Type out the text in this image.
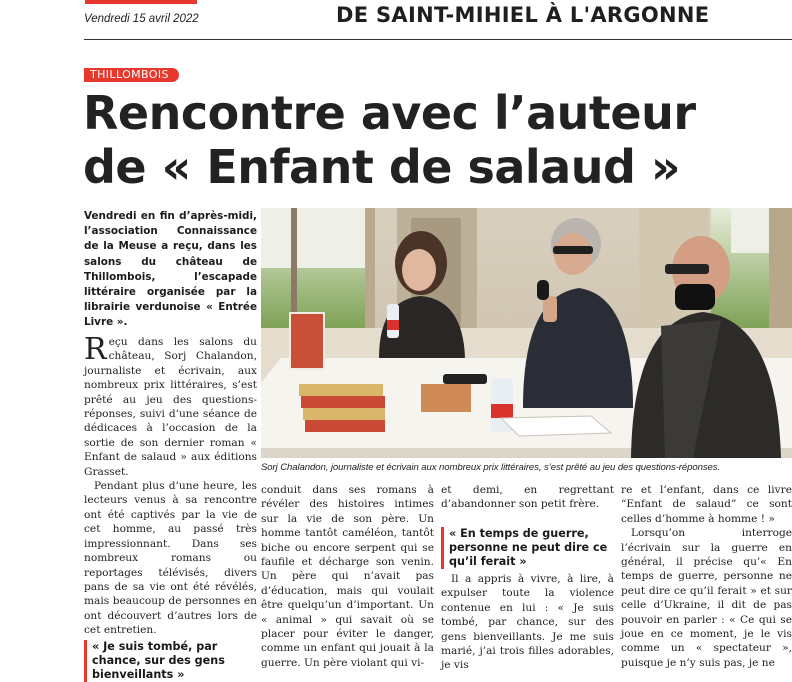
Vendredi 15 avril 2022	DE SAINT-MIHIEL À L'ARGONNE
THILLOMBOIS
Rencontre avec l’auteur
de « Enfant de salaud »
Vendredi en fin d’après-midi, l’association Connaissance de la Meuse a reçu, dans les salons du château de Thillombois, l’escapade littéraire organisée par la librairie verdunoise « Entrée Livre ».

Reçu dans les salons du château, Sorj Chalandon, journaliste et écrivain, aux nombreux prix littéraires, s’est prêté au jeu des questions-réponses, suivi d’une séance de dédicaces à l’occasion de la sortie de son dernier roman « Enfant de salaud » aux éditions Grasset.

Pendant plus d’une heure, les lecteurs venus à sa rencontre ont été captivés par la vie de cet homme, au passé très impressionnant. Dans ses nombreux romans ou reportages télévisés, divers pans de sa vie ont été révélés, mais beaucoup de personnes en ont découvert d’autres lors de cet entretien.

« Je suis tombé, par chance, sur des gens bienveillants »
Sorj Chalandon, journaliste et écrivain aux nombreux prix littéraires, s’est prêté au jeu des questions-réponses.

conduit dans ses romans à révéler des histoires intimes sur la vie de son père. Un homme tantôt caméléon, tantôt biche ou encore serpent qui se faufile et décharge son venin. Un père qui n’avait pas d’éducation, mais qui voulait être quelqu’un d’important. Un « animal » qui savait où se placer pour éviter le danger, comme un enfant qui jouait à la guerre. Un père violant qui vi-

et demi, en regrettant d’abandonner son petit frère.

« En temps de guerre, personne ne peut dire ce qu’il ferait »

Il a appris à vivre, à lire, à expulser toute la violence contenue en lui : « Je suis tombé, par chance, sur des gens bienveillants. Je me suis marié, j’ai trois filles adorables, je vis

re et l’enfant, dans ce livre “Enfant de salaud” ce sont celles d’homme à homme ! »

Lorsqu’on interroge l’écrivain sur la guerre en général, il précise qu’« En temps de guerre, personne ne peut dire ce qu’il ferait » et sur celle d’Ukraine, il dit de pas pouvoir en parler : « Ce qui se joue en ce moment, je le vis comme un « spectateur », puisque je n’y suis pas, je ne
